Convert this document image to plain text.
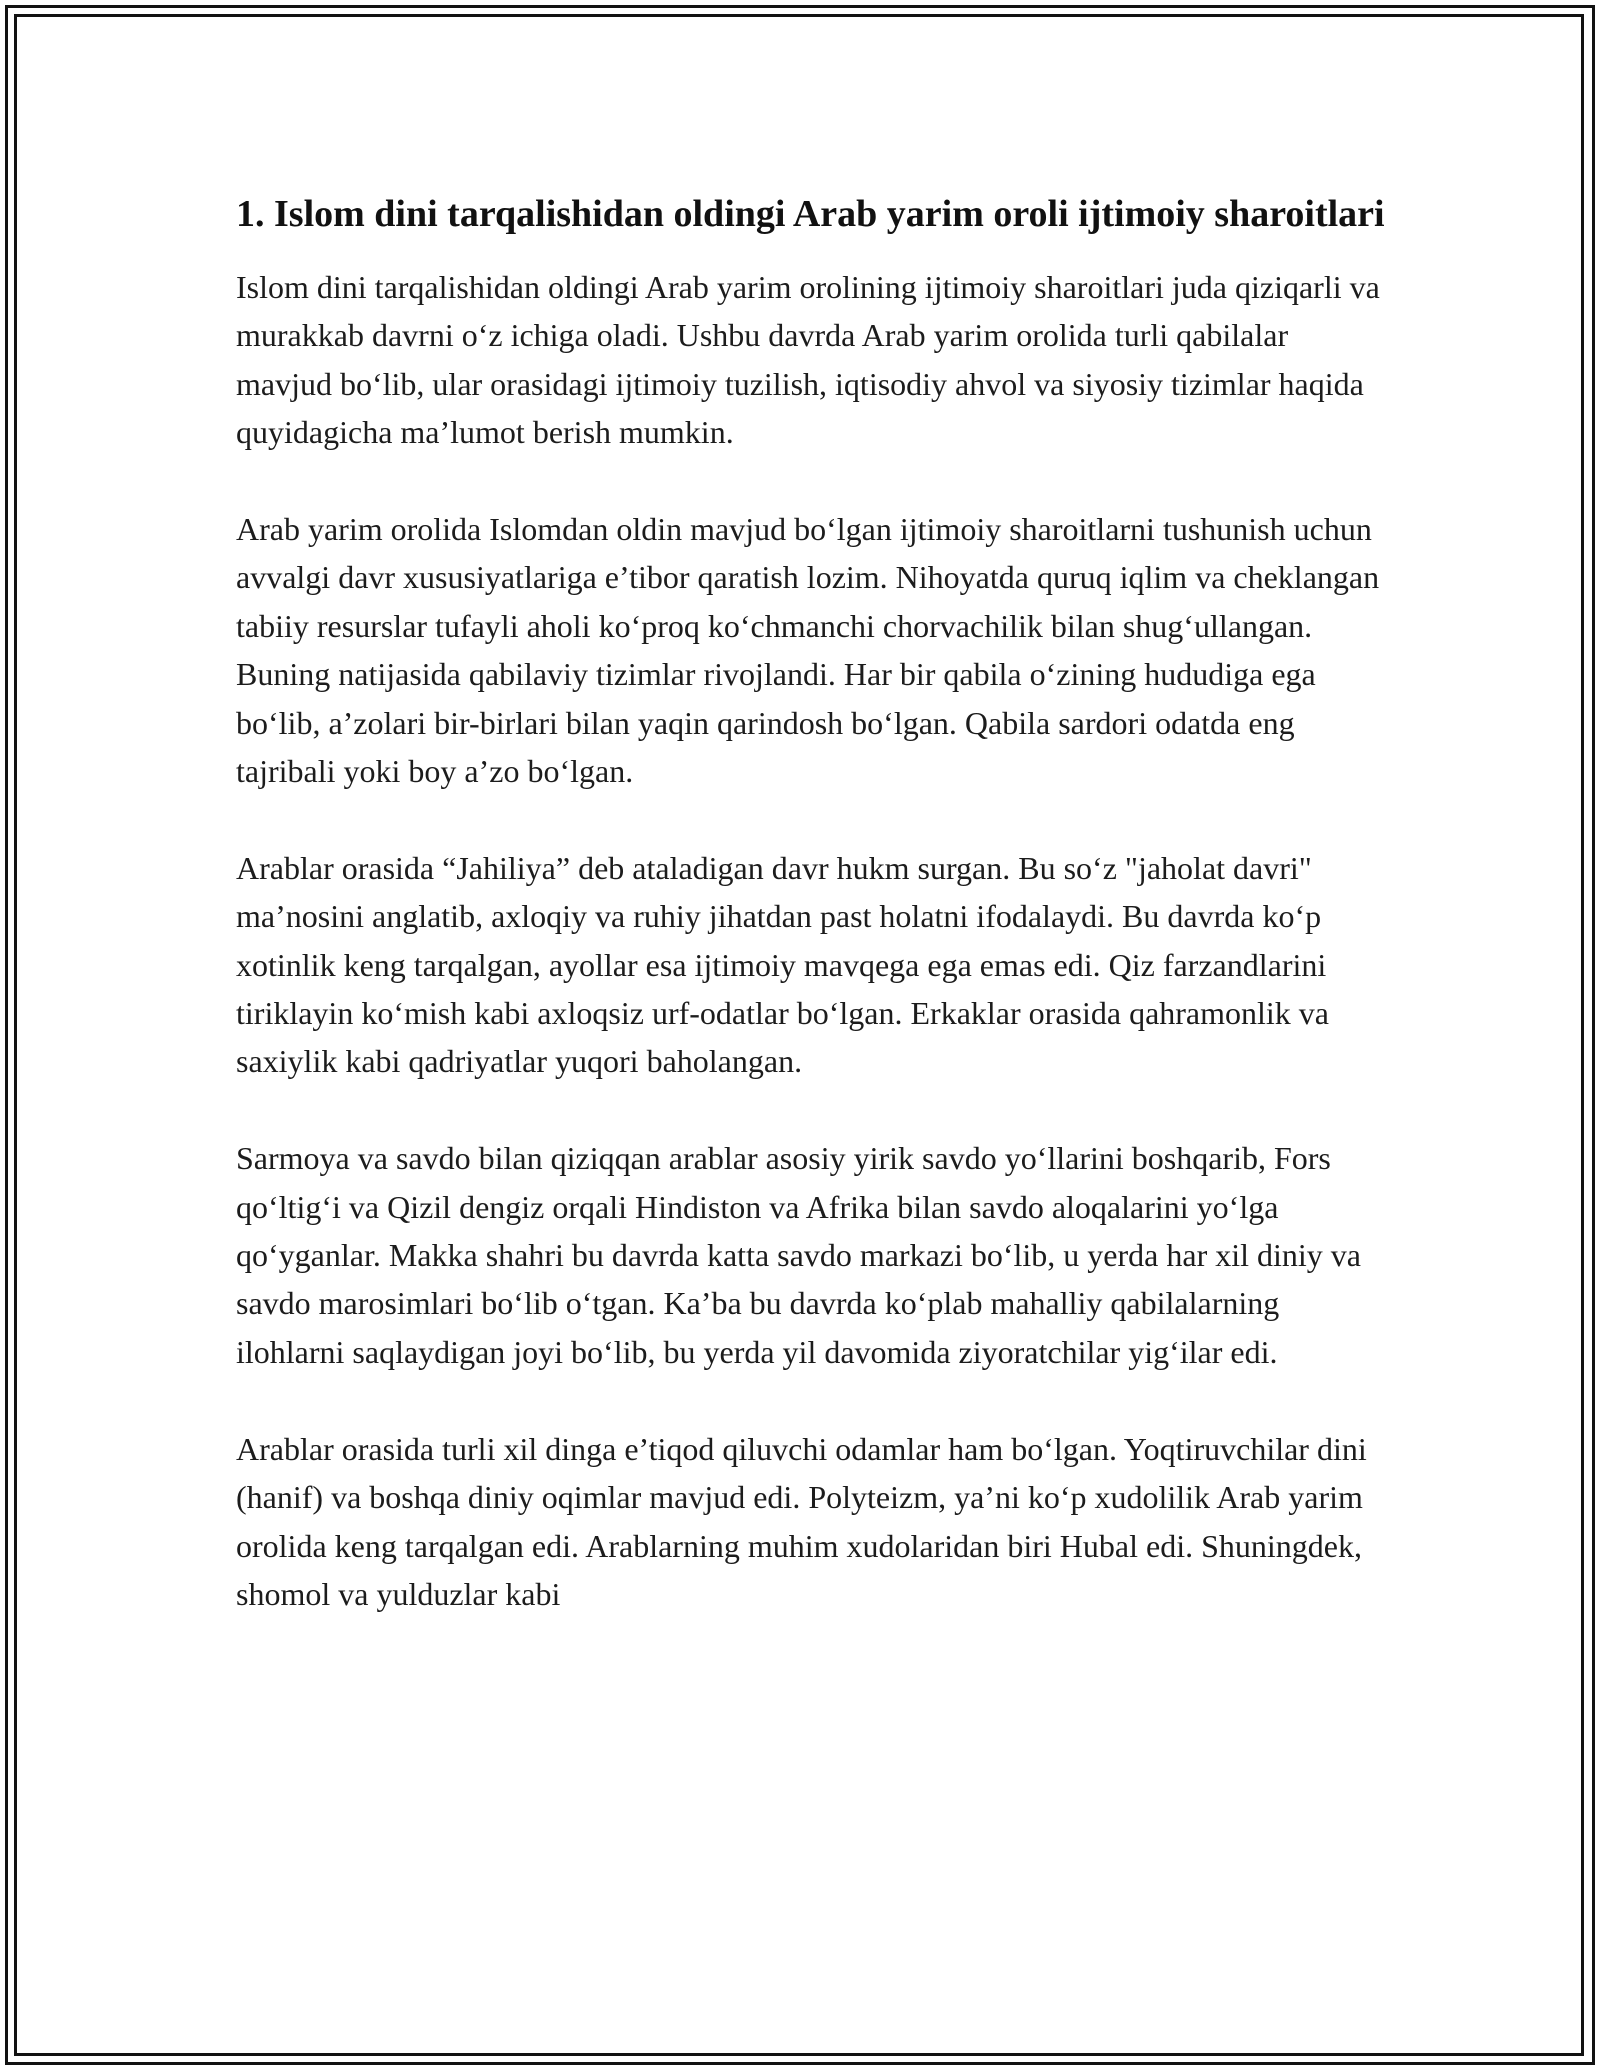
1. Islom dini tarqalishidan oldingi Arab yarim oroli ijtimoiy sharoitlari

Islom dini tarqalishidan oldingi Arab yarim orolining ijtimoiy sharoitlari juda qiziqarli va murakkab davrni o‘z ichiga oladi. Ushbu davrda Arab yarim orolida turli qabilalar mavjud bo‘lib, ular orasidagi ijtimoiy tuzilish, iqtisodiy ahvol va siyosiy tizimlar haqida quyidagicha ma’lumot berish mumkin.

Arab yarim orolida Islomdan oldin mavjud bo‘lgan ijtimoiy sharoitlarni tushunish uchun avvalgi davr xususiyatlariga e’tibor qaratish lozim. Nihoyatda quruq iqlim va cheklangan tabiiy resurslar tufayli aholi ko‘proq ko‘chmanchi chorvachilik bilan shug‘ullangan. Buning natijasida qabilaviy tizimlar rivojlandi. Har bir qabila o‘zining hududiga ega bo‘lib, a’zolari bir-birlari bilan yaqin qarindosh bo‘lgan. Qabila sardori odatda eng tajribali yoki boy a’zo bo‘lgan.

Arablar orasida “Jahiliya” deb ataladigan davr hukm surgan. Bu so‘z "jaholat davri" ma’nosini anglatib, axloqiy va ruhiy jihatdan past holatni ifodalaydi. Bu davrda ko‘p xotinlik keng tarqalgan, ayollar esa ijtimoiy mavqega ega emas edi. Qiz farzandlarini tiriklayin ko‘mish kabi axloqsiz urf-odatlar bo‘lgan. Erkaklar orasida qahramonlik va saxiylik kabi qadriyatlar yuqori baholangan.

Sarmoya va savdo bilan qiziqqan arablar asosiy yirik savdo yo‘llarini boshqarib, Fors qo‘ltig‘i va Qizil dengiz orqali Hindiston va Afrika bilan savdo aloqalarini yo‘lga qo‘yganlar. Makka shahri bu davrda katta savdo markazi bo‘lib, u yerda har xil diniy va savdo marosimlari bo‘lib o‘tgan. Ka’ba bu davrda ko‘plab mahalliy qabilalarning ilohlarni saqlaydigan joyi bo‘lib, bu yerda yil davomida ziyoratchilar yig‘ilar edi.

Arablar orasida turli xil dinga e’tiqod qiluvchi odamlar ham bo‘lgan. Yoqtiruvchilar dini (hanif) va boshqa diniy oqimlar mavjud edi. Polyteizm, ya’ni ko‘p xudolilik Arab yarim orolida keng tarqalgan edi. Arablarning muhim xudolaridan biri Hubal edi. Shuningdek, shomol va yulduzlar kabi
